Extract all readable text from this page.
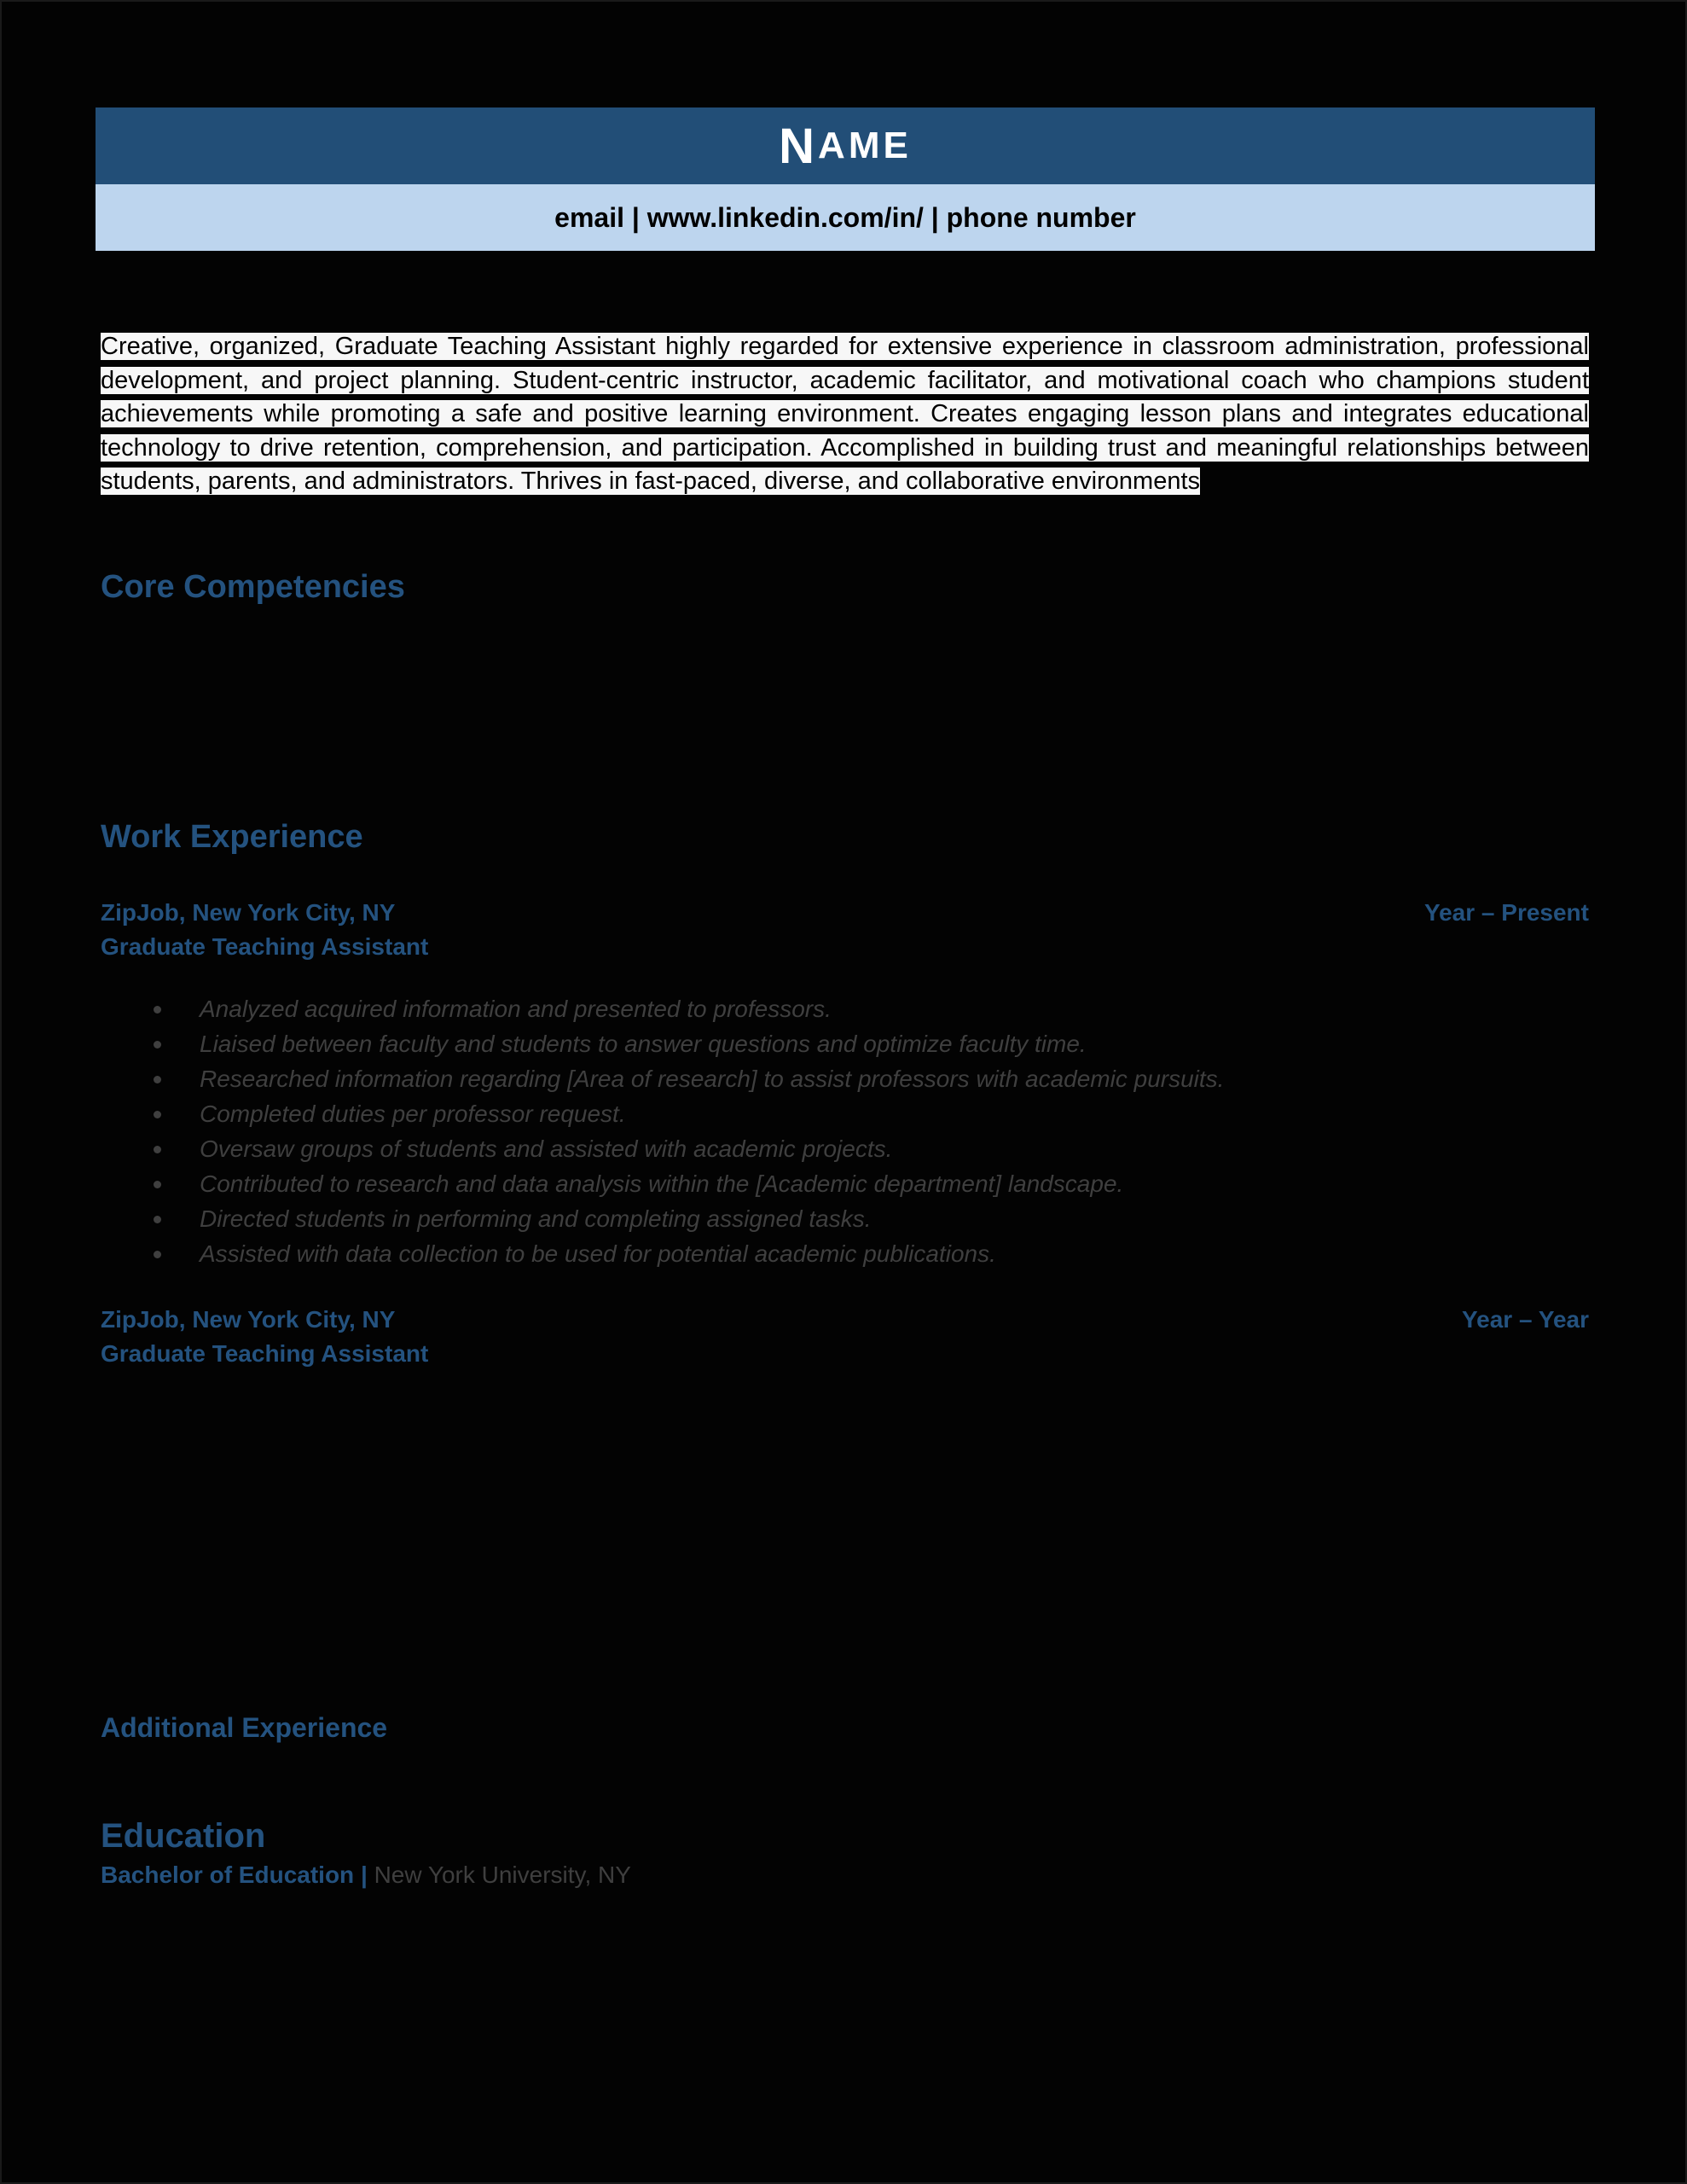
N AME
email | www.linkedin.com/in/ | phone number
Creative, organized, Graduate Teaching Assistant highly regarded for extensive experience in classroom administration, professional development, and project planning. Student-centric instructor, academic facilitator, and motivational coach who champions student achievements while promoting a safe and positive learning environment. Creates engaging lesson plans and integrates educational technology to drive retention, comprehension, and participation. Accomplished in building trust and meaningful relationships between students, parents, and administrators. Thrives in fast-paced, diverse, and collaborative environments
Core Competencies
Work Experience
ZipJob, New York City, NY	Year – Present
Graduate Teaching Assistant
Analyzed acquired information and presented to professors.
Liaised between faculty and students to answer questions and optimize faculty time.
Researched information regarding [Area of research] to assist professors with academic pursuits.
Completed duties per professor request.
Oversaw groups of students and assisted with academic projects.
Contributed to research and data analysis within the [Academic department] landscape.
Directed students in performing and completing assigned tasks.
Assisted with data collection to be used for potential academic publications.
ZipJob, New York City, NY	Year – Year
Graduate Teaching Assistant
Additional Experience
Education
Bachelor of Education | New York University, NY
